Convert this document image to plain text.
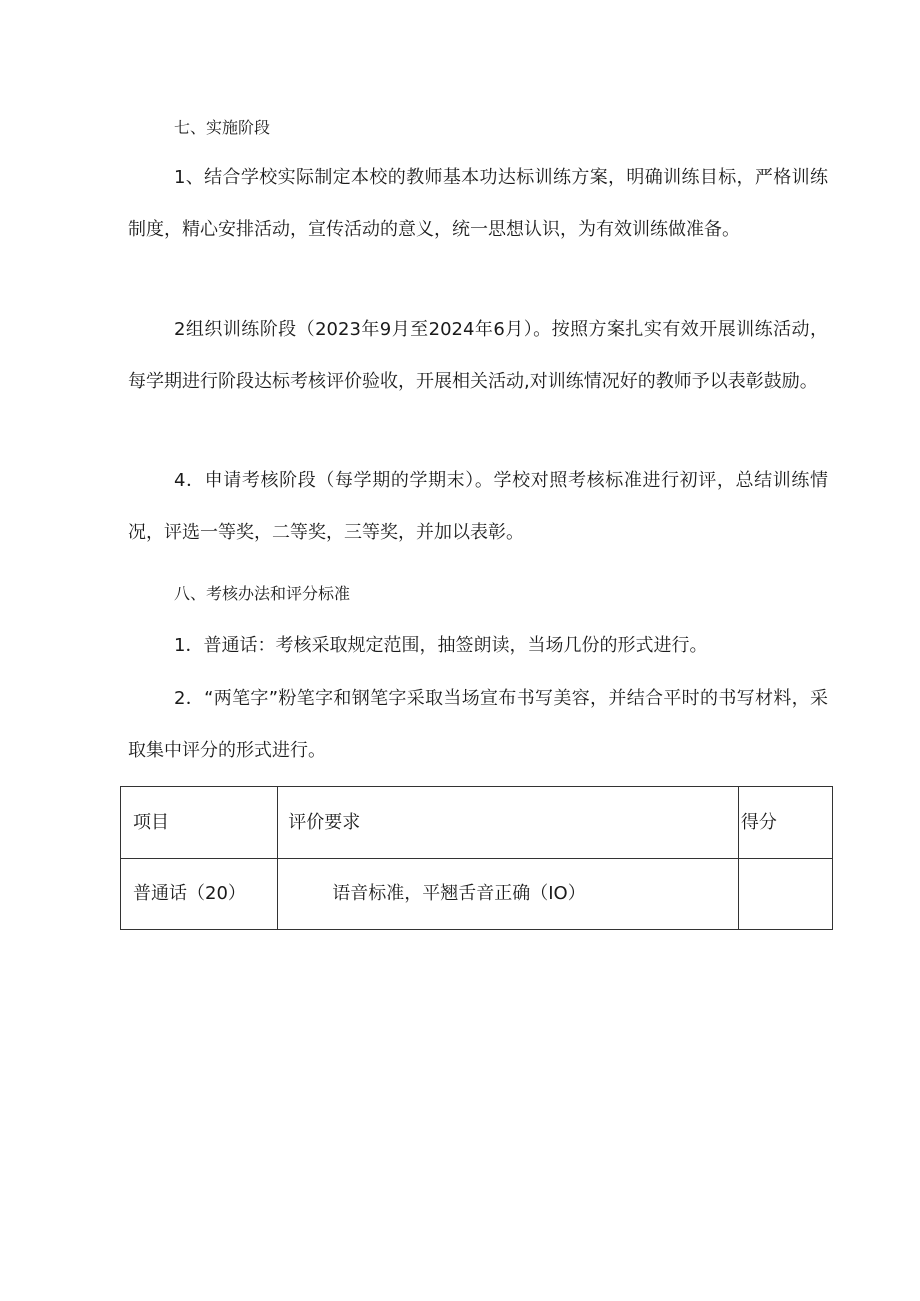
七、实施阶段
1、结合学校实际制定本校的教师基本功达标训练方案，明确训练目标，严格训练制度，精心安排活动，宣传活动的意义，统一思想认识，为有效训练做准备。
2组织训练阶段（2023年9月至2024年6月）。按照方案扎实有效开展训练活动，每学期进行阶段达标考核评价验收，开展相关活动,对训练情况好的教师予以表彰鼓励。
4．申请考核阶段（每学期的学期末）。学校对照考核标准进行初评，总结训练情况，评选一等奖，二等奖，三等奖，并加以表彰。
八、考核办法和评分标准
1．普通话：考核采取规定范围，抽签朗读，当场几份的形式进行。
2．“两笔字”粉笔字和钢笔字采取当场宣布书写美容，并结合平时的书写材料，采取集中评分的形式进行。
项目	评价要求	得分
普通话（20）	语音标准，平翘舌音正确（IO）	
